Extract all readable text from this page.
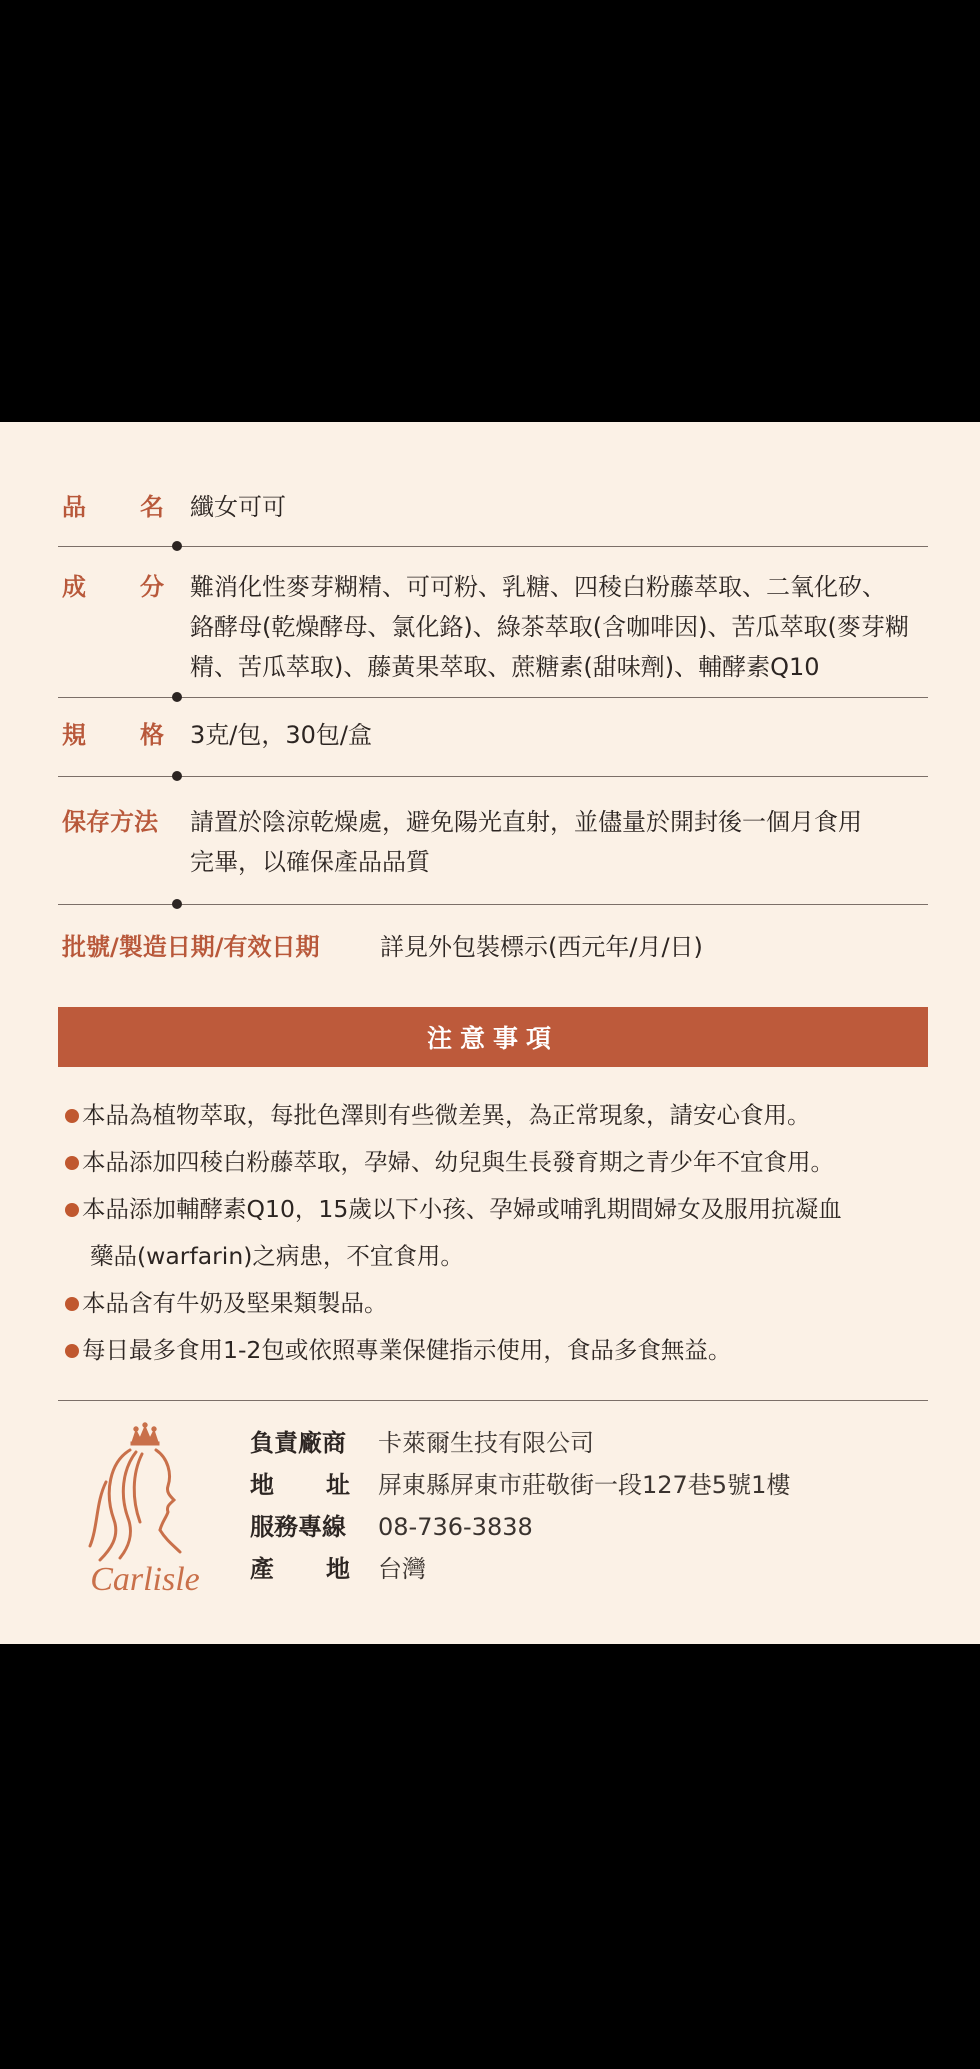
品 名 纖女可可
成 分 難消化性麥芽糊精、可可粉、乳糖、四稜白粉藤萃取、二氧化矽、
鉻酵母(乾燥酵母、氯化鉻)、綠茶萃取(含咖啡因)、苦瓜萃取(麥芽糊
精、苦瓜萃取)、藤黃果萃取、蔗糖素(甜味劑)、輔酵素Q10
規 格 3克/包，30包/盒
保存方法	請置於陰涼乾燥處，避免陽光直射，並儘量於開封後一個月食用
完畢，以確保產品品質
批號/製造日期/有效日期	詳見外包裝標示(西元年/月/日)
注意事項
本品為植物萃取，每批色澤則有些微差異，為正常現象，請安心食用。
本品添加四稜白粉藤萃取，孕婦、幼兒與生長發育期之青少年不宜食用。
本品添加輔酵素Q10，15歲以下小孩、孕婦或哺乳期間婦女及服用抗凝血
藥品(warfarin)之病患，不宜食用。
本品含有牛奶及堅果類製品。
每日最多食用1-2包或依照專業保健指示使用，食品多食無益。
Carlisle
負責廠商	卡萊爾生技有限公司
地 址 屏東縣屏東市莊敬街一段127巷5號1樓
服務專線	08-736-3838
產 地 台灣
